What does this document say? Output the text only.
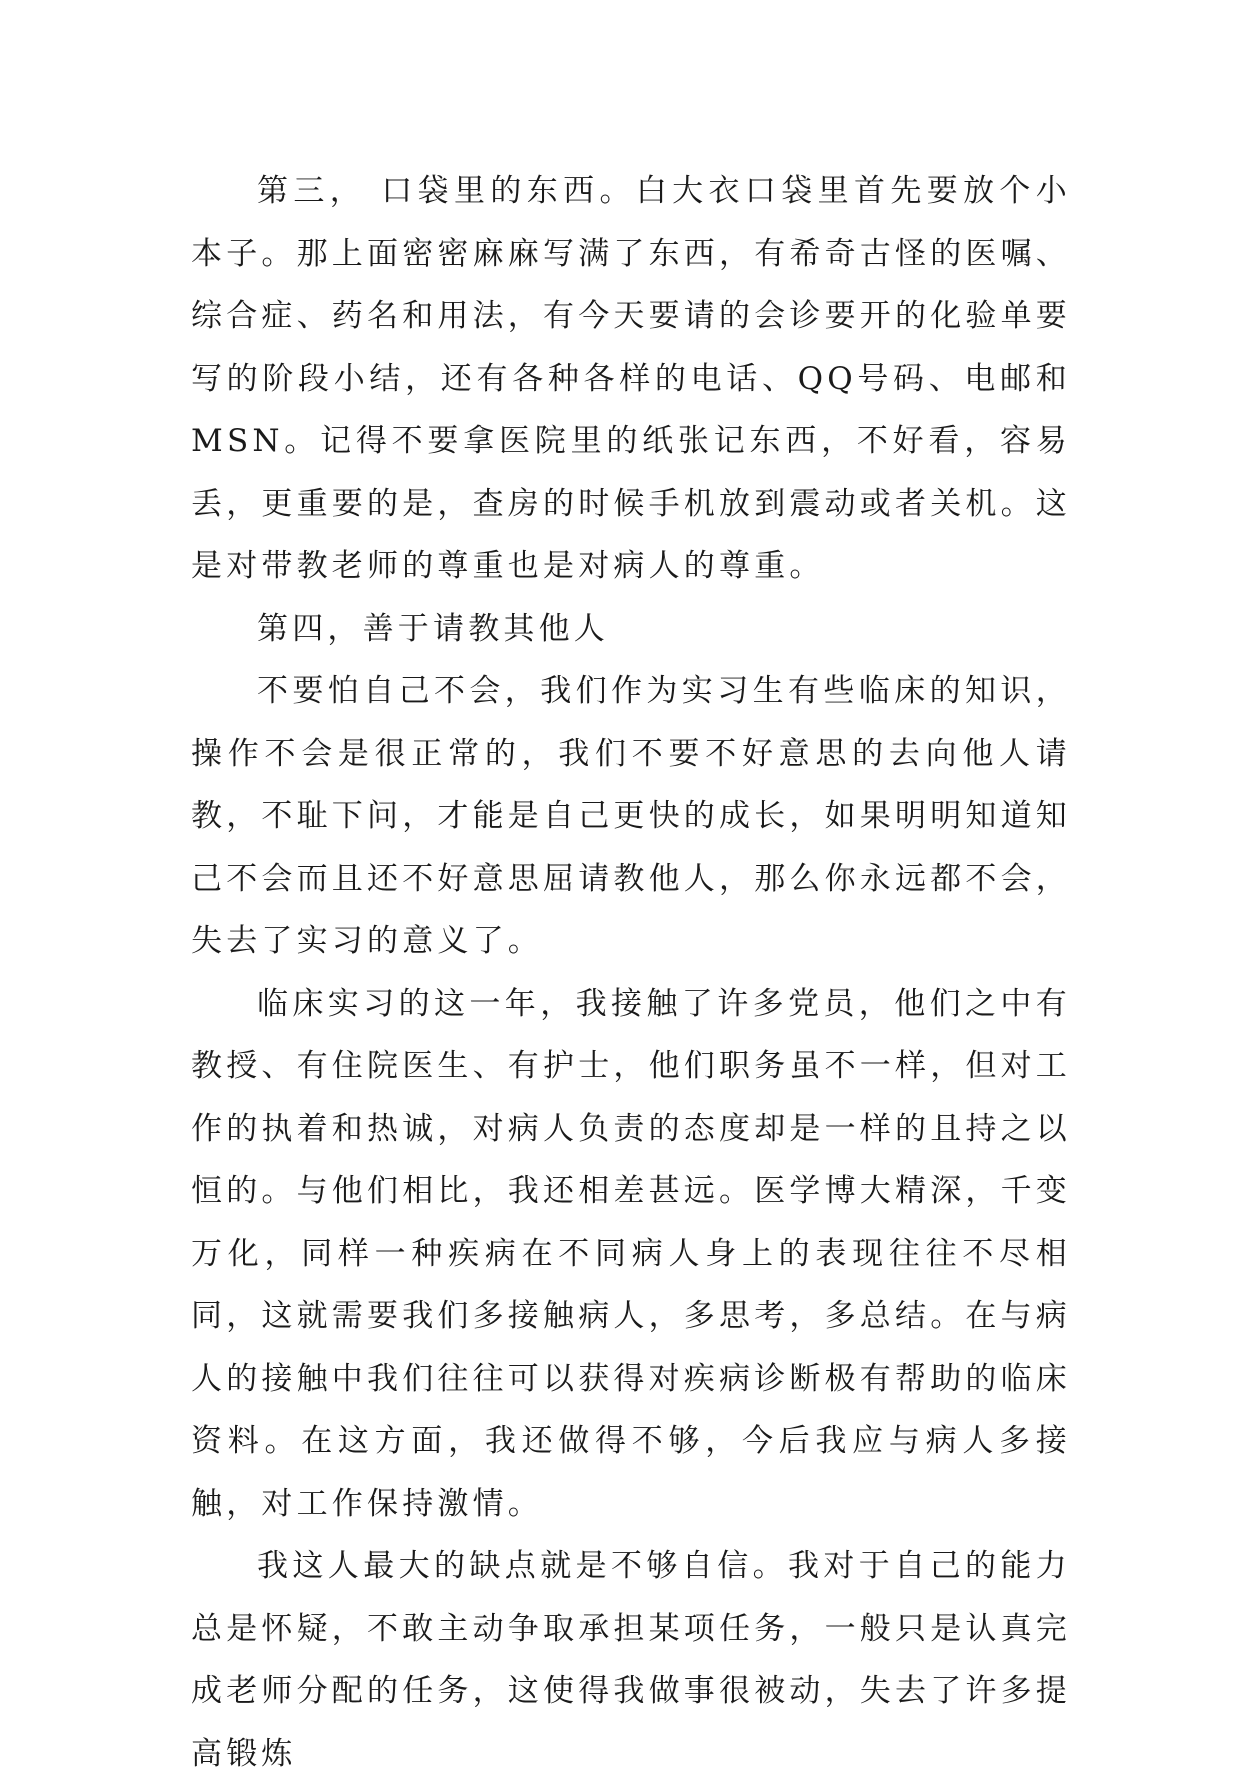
第三， 口袋里的东西。白大衣口袋里首先要放个小本子。那上面密密麻麻写满了东西，有希奇古怪的医嘱、综合症、药名和用法，有今天要请的会诊要开的化验单要写的阶段小结，还有各种各样的电话、QQ号码、电邮和MSN。记得不要拿医院里的纸张记东西，不好看，容易丢，更重要的是，查房的时候手机放到震动或者关机。这是对带教老师的尊重也是对病人的尊重。

第四，善于请教其他人

不要怕自己不会，我们作为实习生有些临床的知识，操作不会是很正常的，我们不要不好意思的去向他人请教，不耻下问，才能是自己更快的成长，如果明明知道知己不会而且还不好意思屈请教他人，那么你永远都不会，失去了实习的意义了。

临床实习的这一年，我接触了许多党员，他们之中有教授、有住院医生、有护士，他们职务虽不一样，但对工作的执着和热诚，对病人负责的态度却是一样的且持之以恒的。与他们相比，我还相差甚远。医学博大精深，千变万化，同样一种疾病在不同病人身上的表现往往不尽相同，这就需要我们多接触病人，多思考，多总结。在与病人的接触中我们往往可以获得对疾病诊断极有帮助的临床资料。在这方面，我还做得不够，今后我应与病人多接触，对工作保持激情。

我这人最大的缺点就是不够自信。我对于自己的能力总是怀疑，不敢主动争取承担某项任务，一般只是认真完成老师分配的任务，这使得我做事很被动，失去了许多提高锻炼
